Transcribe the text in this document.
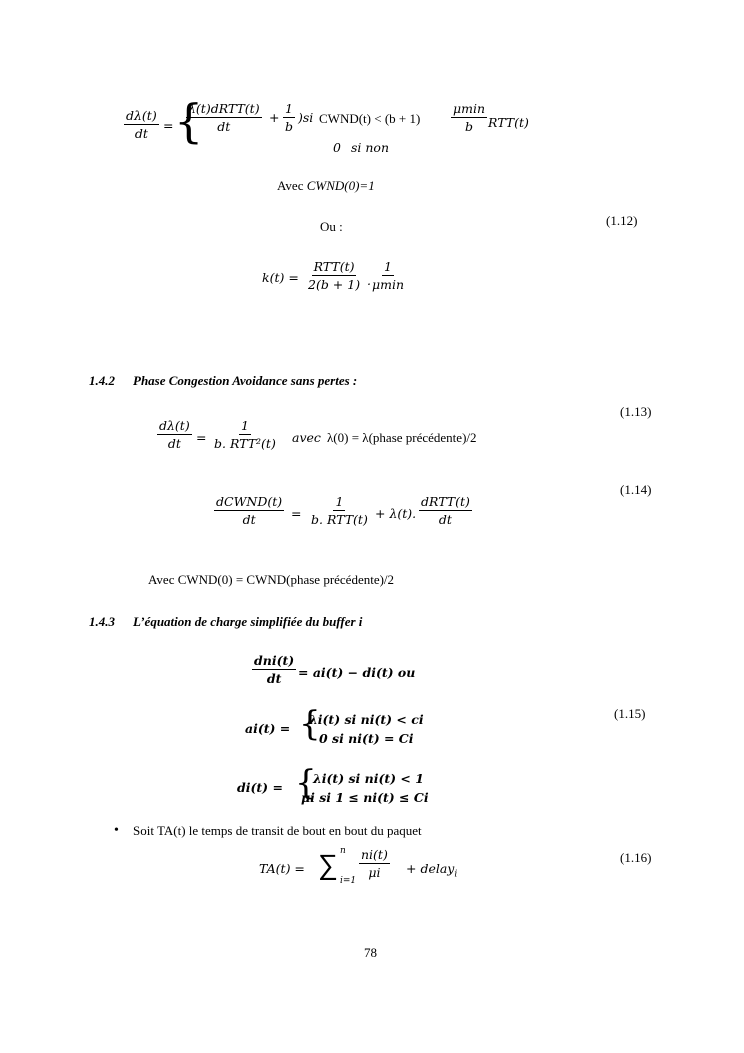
$\frac{d\lambda(t)}{dt}$ = {
λ(t)dRTT(t)
dt
+ $\frac{1}{b} )si$ CWND(t) < (b + 1)
μmin
b RTT(t)
0 si non
Avec CWND(0)=1
Ou :	(1.12)
k(t) =
RTT(t)
2(b + 1) .
1
μmin
1.4.2 Phase Congestion Avoidance sans pertes :
(1.13)
$\frac{d\lambda(t)}{dt}$ =
1
b. RTT²(t) avec λ(0) = λ(phase précédente)/2
(1.14)
dCWND(t)
dt	=
1
b. RTT(t) + λ(t).
dRTT(t)
dt
Avec CWND(0) = CWND(phase précédente)/2
1.4.3 L’équation de charge simplifiée du buffer i
dni(t)
dt = ai(t) − di(t) ou
(1.15)
ai(t) = {
λi(t) si ni(t) < ci
0 si ni(t) = Ci
di(t) = {
λi(t) si ni(t) < 1
μi si 1 ≤ ni(t) ≤ Ci
• Soit TA(t) le temps de transit de bout en bout du paquet
(1.16)
TA(t) = ∑ n
i=1
$\frac{ni(t)}{\mu i}$ + delay$_i$
78
